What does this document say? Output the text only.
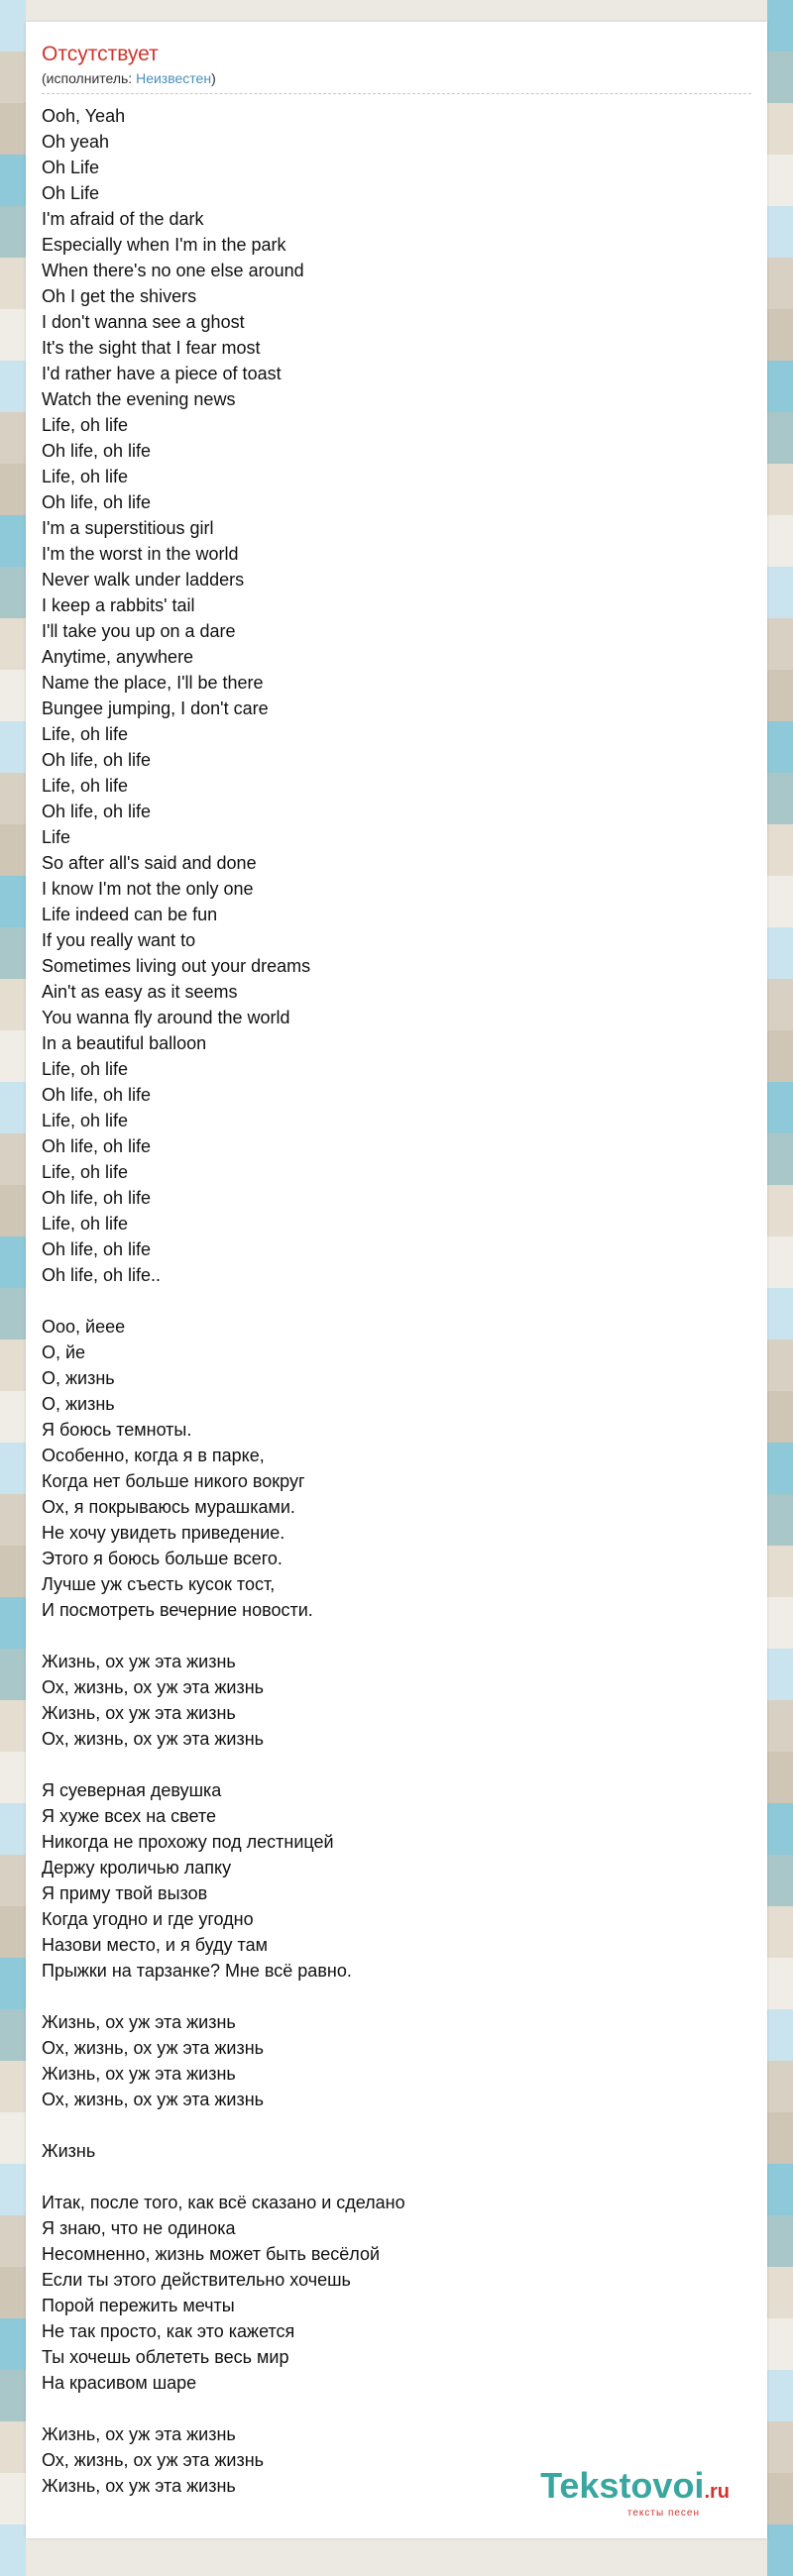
Отсутствует
(исполнитель: Неизвестен)
Ooh, Yeah
Oh yeah
Oh Life
Oh Life
I'm afraid of the dark
Especially when I'm in the park
When there's no one else around
Oh I get the shivers
I don't wanna see a ghost
It's the sight that I fear most
I'd rather have a piece of toast
Watch the evening news
Life, oh life
Oh life, oh life
Life, oh life
Oh life, oh life
I'm a superstitious girl
I'm the worst in the world
Never walk under ladders
I keep a rabbits' tail
I'll take you up on a dare
Anytime, anywhere
Name the place, I'll be there
Bungee jumping, I don't care
Life, oh life
Oh life, oh life
Life, oh life
Oh life, oh life
Life
So after all's said and done
I know I'm not the only one
Life indeed can be fun
If you really want to
Sometimes living out your dreams
Ain't as easy as it seems
You wanna fly around the world
In a beautiful balloon
Life, oh life
Oh life, oh life
Life, oh life
Oh life, oh life
Life, oh life
Oh life, oh life
Life, oh life
Oh life, oh life
Oh life, oh life..
Ооо, йеее
О, йе
О, жизнь
О, жизнь
Я боюсь темноты.
Особенно, когда я в парке,
Когда нет больше никого вокруг
Ох, я покрываюсь мурашками.
Не хочу увидеть приведение.
Этого я боюсь больше всего.
Лучше уж съесть кусок тост,
И посмотреть вечерние новости.
Жизнь, ох уж эта жизнь
Ох, жизнь, ох уж эта жизнь
Жизнь, ох уж эта жизнь
Ох, жизнь, ох уж эта жизнь
Я суеверная девушка
Я хуже всех на свете
Никогда не прохожу под лестницей
Держу кроличью лапку
Я приму твой вызов
Когда угодно и где угодно
Назови место, и я буду там
Прыжки на тарзанке? Мне всё равно.
Жизнь, ох уж эта жизнь
Ох, жизнь, ох уж эта жизнь
Жизнь, ох уж эта жизнь
Ох, жизнь, ох уж эта жизнь
Жизнь
Итак, после того, как всё сказано и сделано
Я знаю, что не одинока
Несомненно, жизнь может быть весёлой
Если ты этого действительно хочешь
Порой пережить мечты
Не так просто, как это кажется
Ты хочешь облететь весь мир
На красивом шаре
Жизнь, ох уж эта жизнь
Ох, жизнь, ох уж эта жизнь
Жизнь, ох уж эта жизнь	Tekstovoi.ru
тексты песен
